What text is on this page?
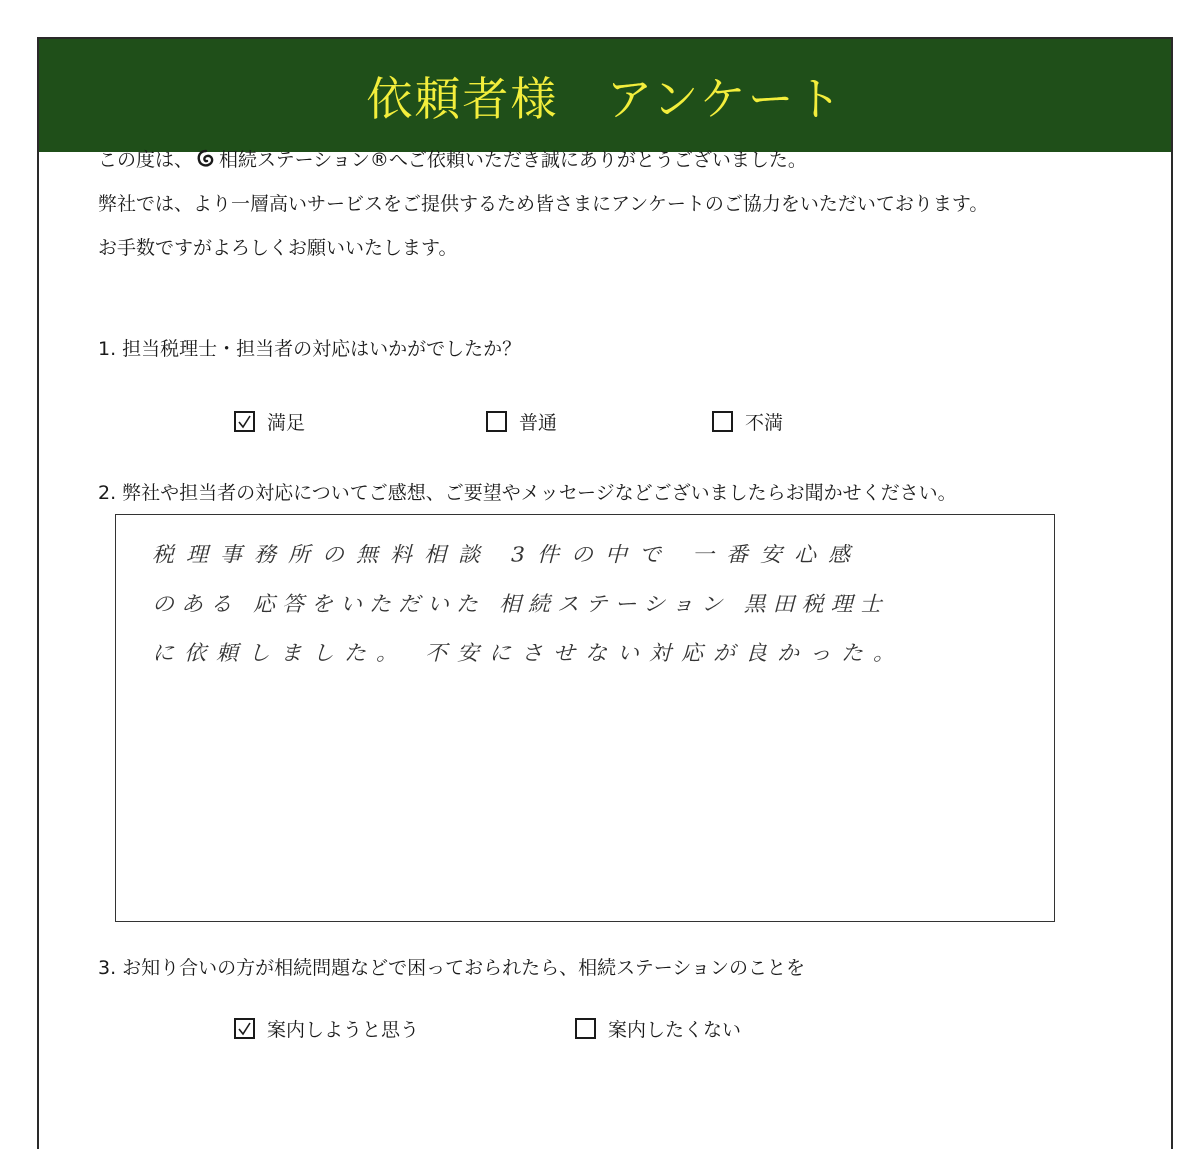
依頼者様　アンケート

この度は、 相続ステーション®へご依頼いただき誠にありがとうございました。

弊社では、より一層高いサービスをご提供するため皆さまにアンケートのご協力をいただいております。

お手数ですがよろしくお願いいたします。

1. 担当税理士・担当者の対応はいかがでしたか？
満足	普通	不満
2. 弊社や担当者の対応についてご感想、ご要望やメッセージなどございましたらお聞かせください。

税理事務所の無料相談 3件の中で 一番安心感

のある 応答をいただいた 相続ステーション 黒田税理士

に依頼しました。 不安にさせない対応が良かった。

3. お知り合いの方が相続問題などで困っておられたら、相続ステーションのことを
案内しようと思う	案内したくない
